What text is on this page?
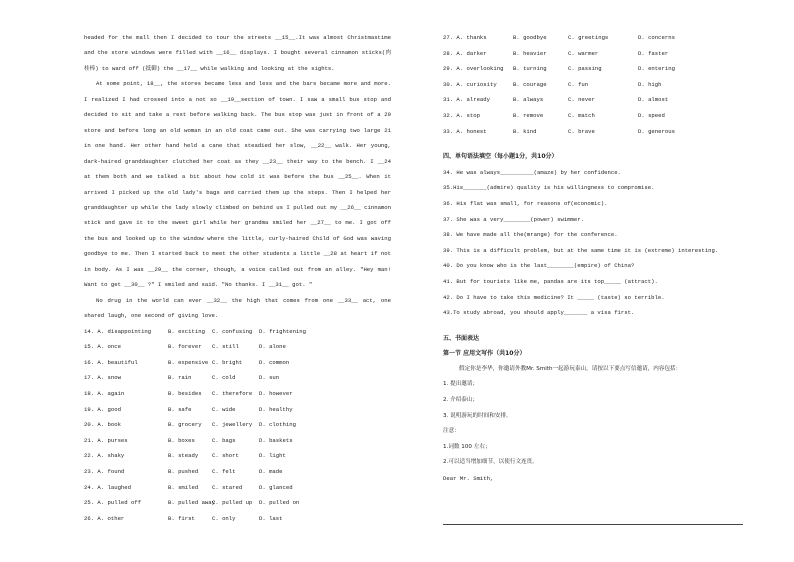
headed for the mall then I decided to tour the streets __15__.It was almost Christmastime and the store windows were filled with __16__ displays. I bought several cinnamon sticks(肉桂棒) to ward off (抵御) the __17__ while walking and looking at the sights.

At some point, 18__, the stores became less and less and the bars became more and more. I realized I had crossed into a not so __19__section of town. I saw a small bus stop and decided to sit and take a rest before walking back. The bus stop was just in front of a 20 store and before long an old woman in an old coat came out. She was carrying two large 21 in one hand. Her other hand held a cane that steadied her slow, __22__ walk. Her young, dark-haired granddaughter clutched her coat as they __23__ their way to the bench. I __24 at them both and we talked a bit about how cold it was before the bus __25__. When it arrived I picked up the old lady's bags and carried them up the steps. Then I helped her granddaughter up while the lady slowly climbed on behind us I pulled out my __26__ cinnamon stick and gave it to the sweet girl while her grandma smiled her __27__ to me. I got off the bus and looked up to the window where the little, curly-haired Child of God was waving goodbye to me. Then I started back to meet the other students a little __28 at heart if not in body. As I was __29__ the corner, though, a voice called out from an alley. "Hey man! Want to get __30__ ?" I smiled and said. "No thanks. I __31__ got. "

No drug in the world can ever __32__ the high that comes from one __33__ act, one shared laugh, one second of giving love.

14. A. disappointing	B. exciting C. confusing D. frightening
15. A. once	B. forever C. still	D. alone
16. A. beautiful	B. expensive C. bright	D. common
17. A. snow	B. rain	C. cold	D. sun
18. A. again	B. besides C. therefore D. however
19. A. good	B. safe	C. wide	D. healthy
20. A. book	B. grocery C. jewellery D. clothing
21. A. purses	B. boxes	C. bags	D. baskets
22. A. shaky	B. steady C. short	D. light
23. A. found	B. pushed C. felt	D. made
24. A. laughed	B. smiled C. stared	D. glanced
25. A. pulled off	B. pulled away
C. pulled up D. pulled on
26. A. other	B. first	C. only	D. last
27. A. thanks	B. goodbye	C. greetings	D. concerns
28. A. darker	B. heavier	C. warmer	D. faster
29. A. overlooking B. turning	C. passing	D. entering
30. A. curiosity	B. courage	C. fun	D. high
31. A. already	B. always	C. never	D. almost
32. A. stop	B. remove	C. match	D. speed
33. A. honest	B. kind	C. brave	D. generous
四、单句语法填空（每小题1分，共10分）
34. He was always__________(amaze) by her confidence.
35.His_______(admire) quality is his willingness to compromise.
36. His flat was small, for reasons of(economic).
37. She was a very________(power) swimmer.
38. We have made all the(mrange) for the conference.
39. This is a difficult problem, but at the same time it is (extreme) interesting.
40. Do you know who is the last________(empire) of China?
41. But for tourists like me, pandas are its top_____ (attract).
42. Do I have to take this medicine? It _____ (taste) so terrible.
43.To study abroad, you should apply_______ a visa first.
五、书面表达
第一节 应用文写作（共10分）
假定你是李华，你邀请外教Mr. Smith一起游玩泰山，请按以下要点写信邀请，内容包括：
1. 提出邀请；
2. 介绍泰山；
3. 说明游玩的时间和安排。
注意：
1.词数 100 左右；
2.可以适当增加细节，以使行文连贯。
Dear Mr. Smith,
